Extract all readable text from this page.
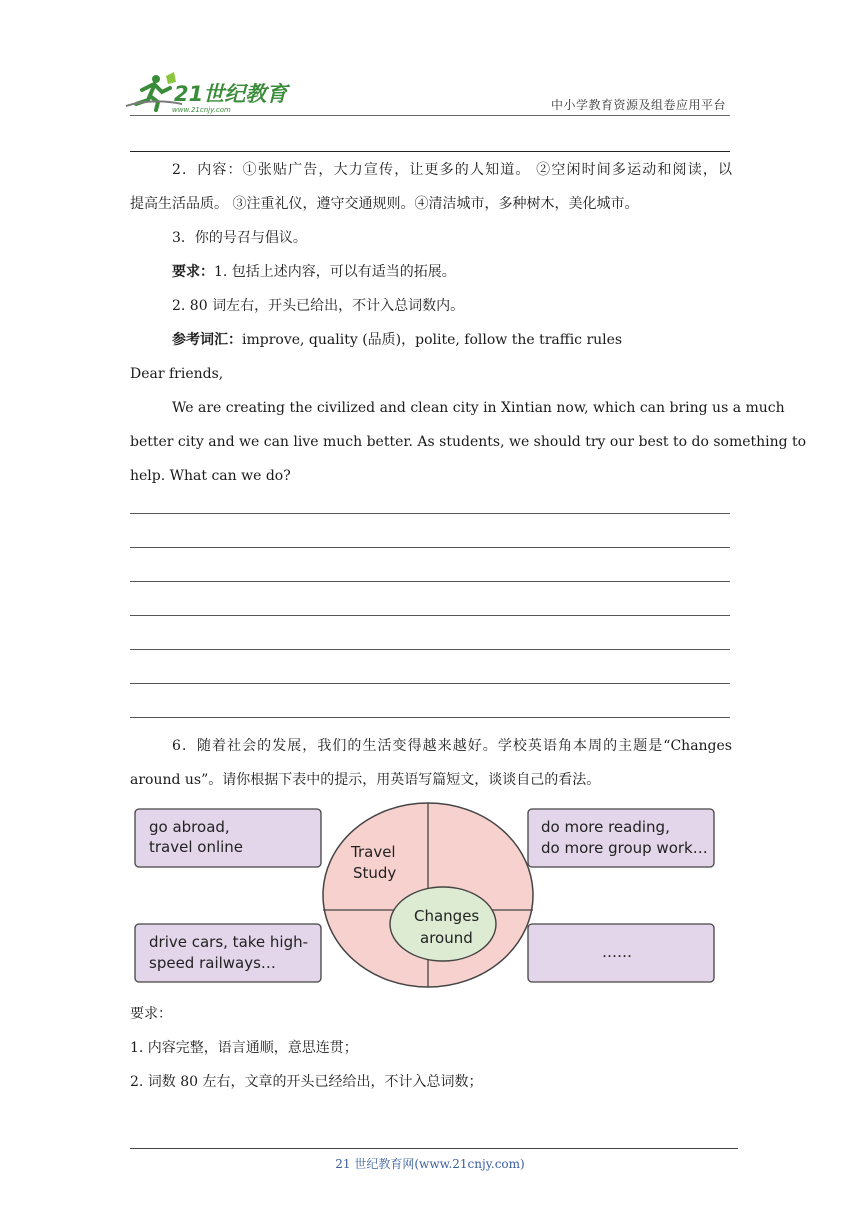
21世纪教育
www.21cnjy.com	中小学教育资源及组卷应用平台
2．内容：①张贴广告，大力宣传，让更多的人知道。 ②空闲时间多运动和阅读，以
提高生活品质。 ③注重礼仪，遵守交通规则。④清洁城市，多种树木，美化城市。
3．你的号召与倡议。
要求：1. 包括上述内容，可以有适当的拓展。
2. 80 词左右，开头已给出，不计入总词数内。
参考词汇：improve, quality (品质)，polite, follow the traffic rules
Dear friends,
We are creating the civilized and clean city in Xintian now, which can bring us a much
better city and we can live much better. As students, we should try our best to do something to
help. What can we do?
6．随着社会的发展，我们的生活变得越来越好。学校英语角本周的主题是“Changes
around us”。请你根据下表中的提示，用英语写篇短文，谈谈自己的看法。
go abroad,
travel online
do more reading,
do more group work…
drive cars, take high-
speed railways…
……
Travel
Study
Changes
around
要求：
1. 内容完整，语言通顺，意思连贯；
2. 词数 80 左右，文章的开头已经给出，不计入总词数；
21 世纪教育网(www.21cnjy.com)
